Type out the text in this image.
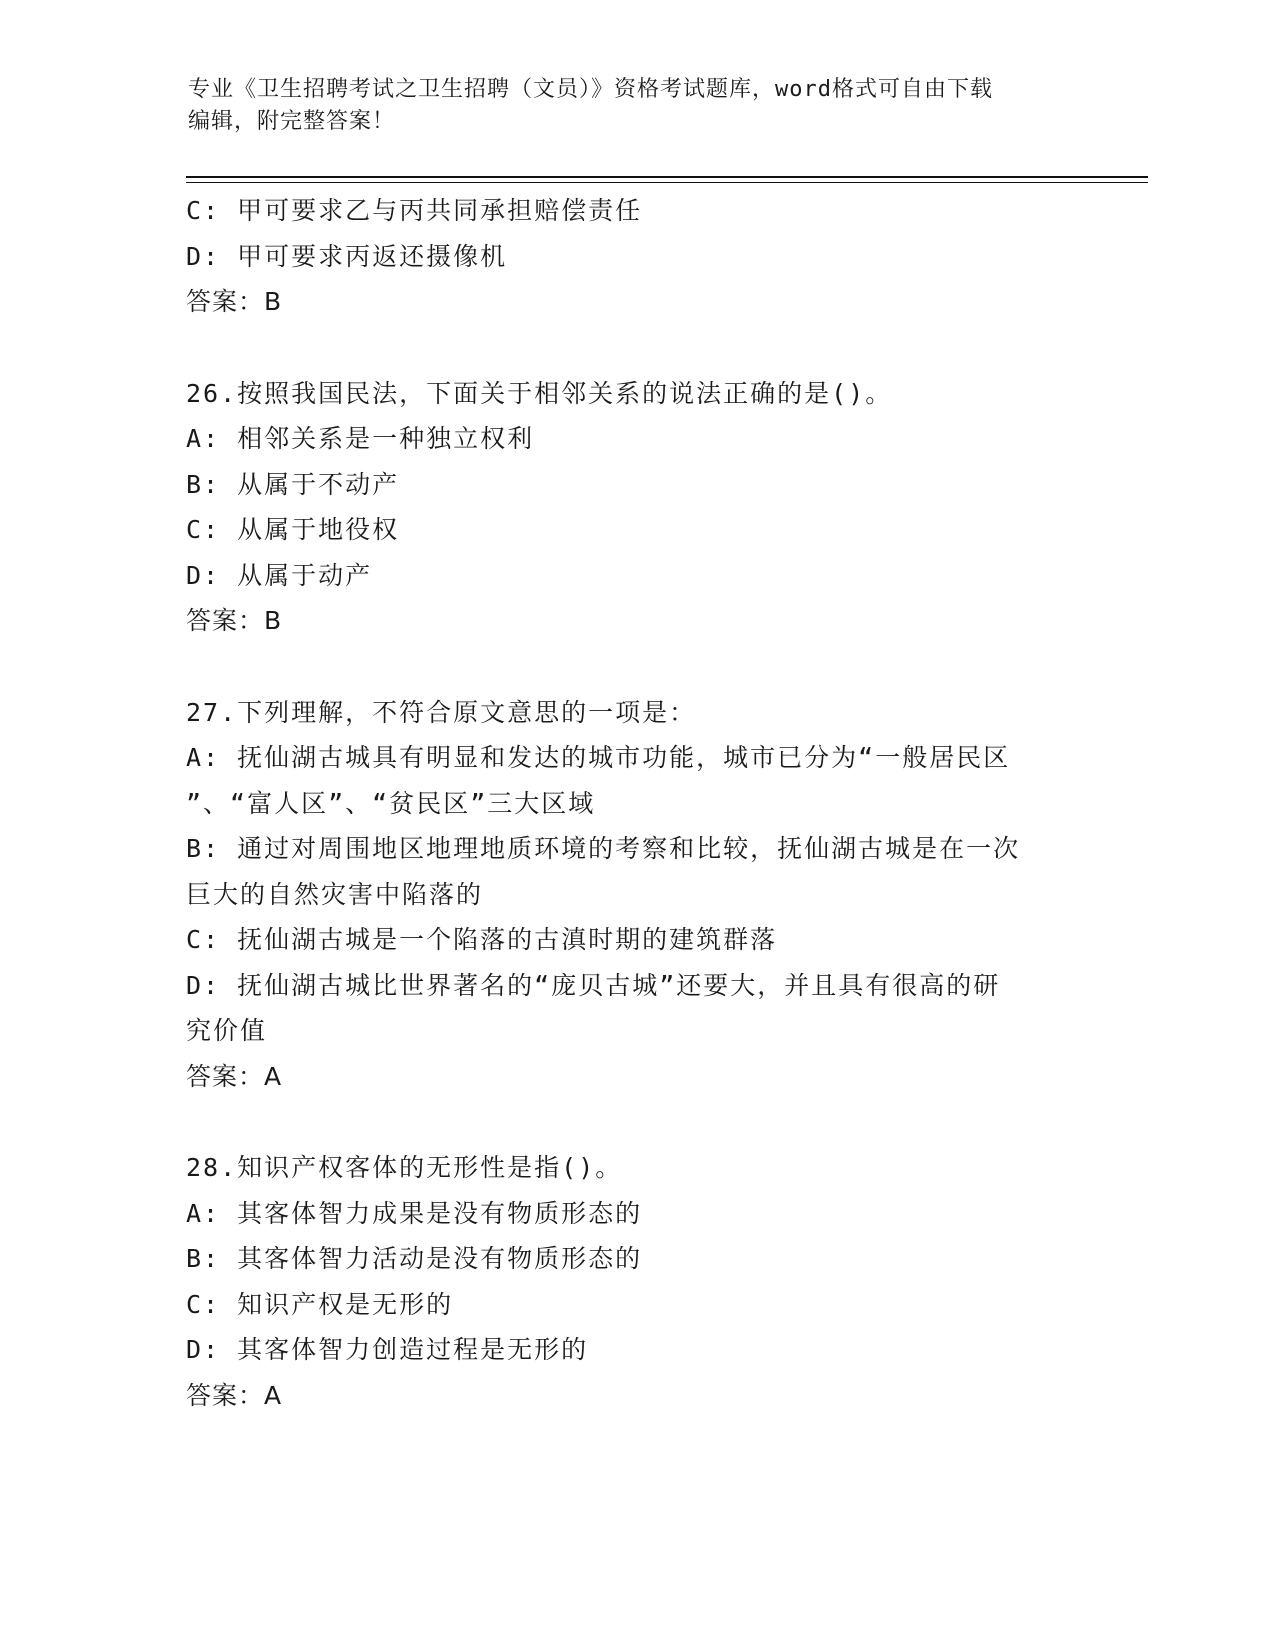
专业《卫生招聘考试之卫生招聘（文员）》资格考试题库，word格式可自由下载
编辑，附完整答案！
C: 甲可要求乙与丙共同承担赔偿责任
D: 甲可要求丙返还摄像机
答案：B
26.按照我国民法，下面关于相邻关系的说法正确的是()。
A: 相邻关系是一种独立权利
B: 从属于不动产
C: 从属于地役权
D: 从属于动产
答案：B
27.下列理解，不符合原文意思的一项是：
A: 抚仙湖古城具有明显和发达的城市功能，城市已分为“一般居民区
”、“富人区”、“贫民区”三大区域
B: 通过对周围地区地理地质环境的考察和比较，抚仙湖古城是在一次
巨大的自然灾害中陷落的
C: 抚仙湖古城是一个陷落的古滇时期的建筑群落
D: 抚仙湖古城比世界著名的“庞贝古城”还要大，并且具有很高的研
究价值
答案：A
28.知识产权客体的无形性是指()。
A: 其客体智力成果是没有物质形态的
B: 其客体智力活动是没有物质形态的
C: 知识产权是无形的
D: 其客体智力创造过程是无形的
答案：A
